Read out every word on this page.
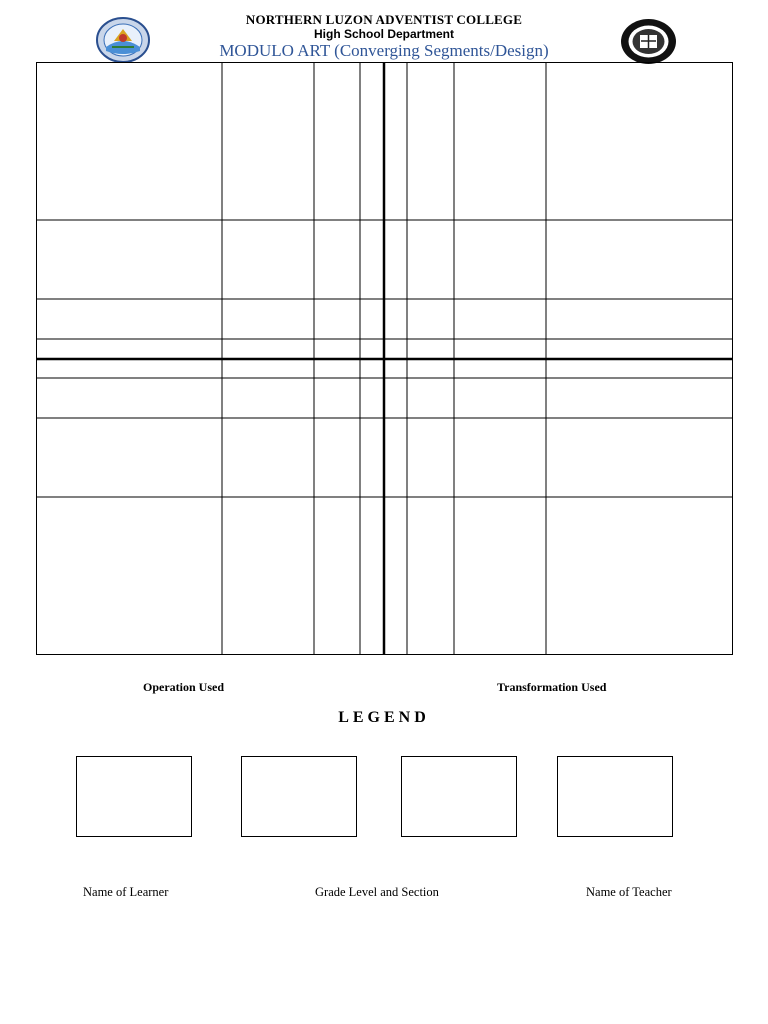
NORTHERN LUZON ADVENTIST COLLEGE
High School Department
MODULO ART (Converging Segments/Design)
Operation Used	Transformation Used
LEGEND
Name of Learner	Grade Level and Section	Name of Teacher
